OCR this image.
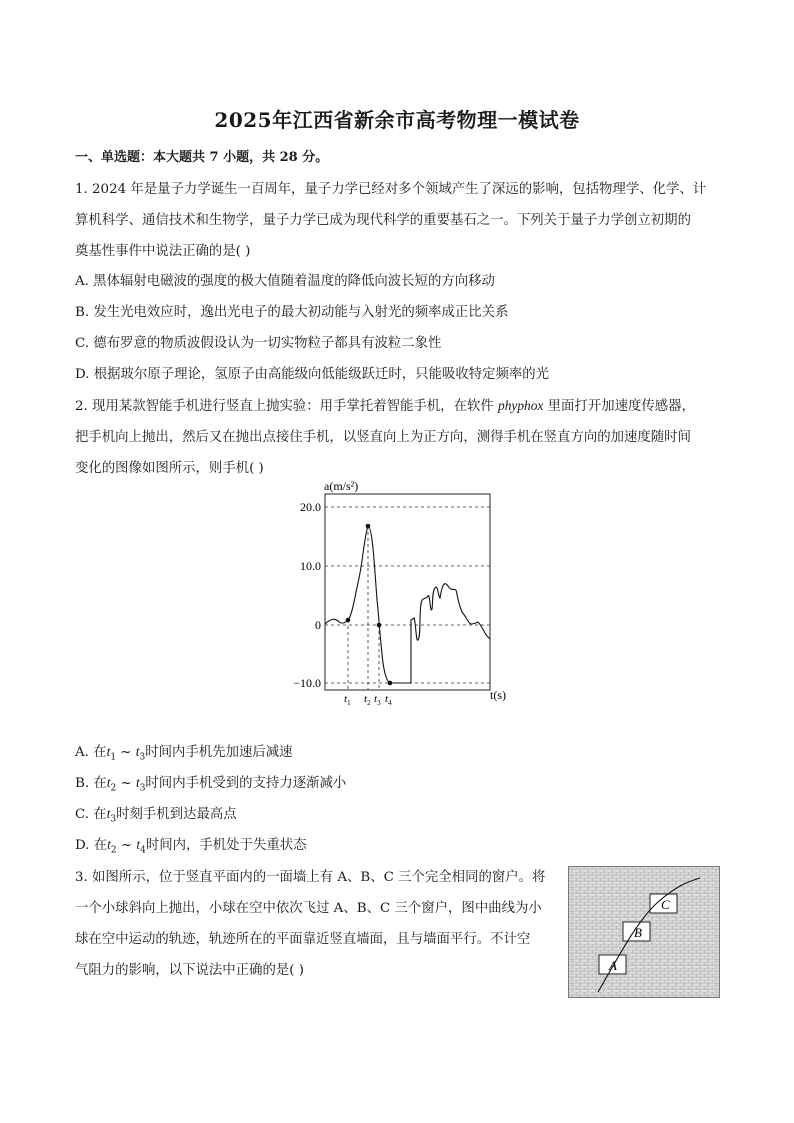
2025年江西省新余市高考物理一模试卷
一、单选题：本大题共 7 小题，共 28 分。
1. 2024 年是量子力学诞生一百周年，量子力学已经对多个领域产生了深远的影响，包括物理学、化学、计
算机科学、通信技术和生物学，量子力学已成为现代科学的重要基石之一。下列关于量子力学创立初期的
奠基性事件中说法正确的是( )
A. 黑体辐射电磁波的强度的极大值随着温度的降低向波长短的方向移动
B. 发生光电效应时，逸出光电子的最大初动能与入射光的频率成正比关系
C. 德布罗意的物质波假设认为一切实物粒子都具有波粒二象性
D. 根据玻尔原子理论，氢原子由高能级向低能级跃迁时，只能吸收特定频率的光
2. 现用某款智能手机进行竖直上抛实验：用手掌托着智能手机，在软件 phyphox 里面打开加速度传感器，
把手机向上抛出，然后又在抛出点接住手机，以竖直向上为正方向，测得手机在竖直方向的加速度随时间
变化的图像如图所示，则手机( )
a(m/s²)
20.0
10.0
0
−10.0
t(s)
$t_1$ $t_2$ $t_3$ $t_4$
A. 在$t_1$ ~ $t_3$时间内手机先加速后减速
B. 在$t_2$ ~ $t_3$时间内手机受到的支持力逐渐减小
C. 在$t_3$时刻手机到达最高点
D. 在$t_2$ ~ $t_4$时间内，手机处于失重状态
3. 如图所示，位于竖直平面内的一面墙上有 A、B、C 三个完全相同的窗户。将
一个小球斜向上抛出，小球在空中依次飞过 A、B、C 三个窗户，图中曲线为小
球在空中运动的轨迹，轨迹所在的平面靠近竖直墙面，且与墙面平行。不计空
气阻力的影响，以下说法中正确的是( )	A
B
C
